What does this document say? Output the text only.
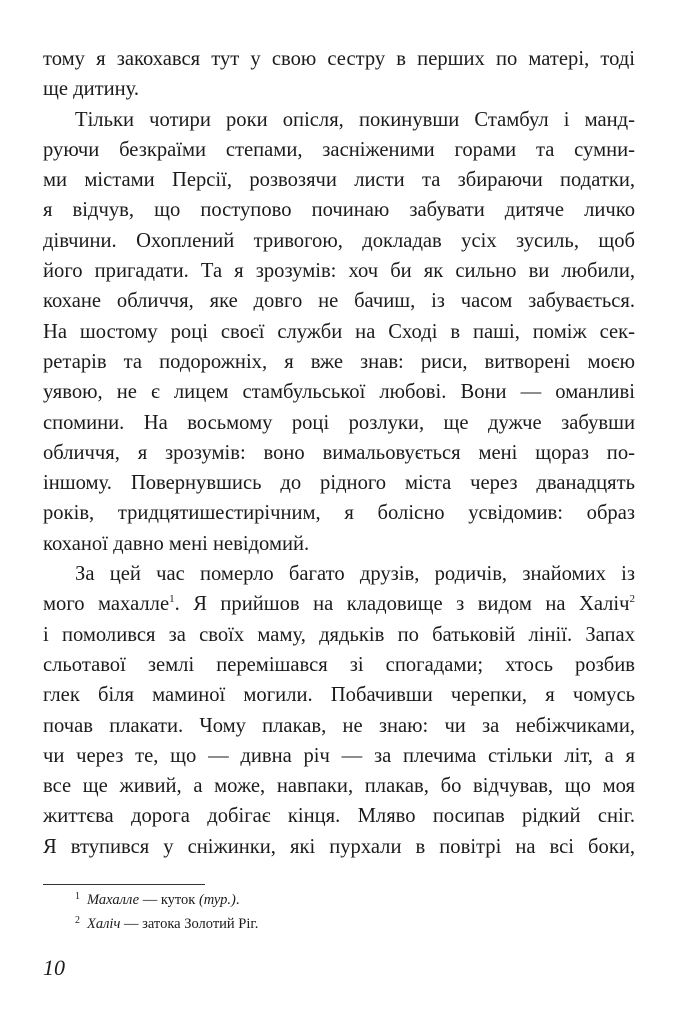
тому я закохався тут у свою сестру в перших по матері, тоді
ще дитину.

Тільки чотири роки опісля, покинувши Стамбул і манд-
руючи безкраїми степами, засніженими горами та сумни-
ми містами Персії, розвозячи листи та збираючи податки,
я відчув, що поступово починаю забувати дитяче личко
дівчини. Охоплений тривогою, докладав усіх зусиль, щоб
його пригадати. Та я зрозумів: хоч би як сильно ви любили,
кохане обличчя, яке довго не бачиш, із часом забувається.
На шостому році своєї служби на Сході в паші, поміж сек-
ретарів та подорожніх, я вже знав: риси, витворені моєю
уявою, не є лицем стамбульської любові. Вони — оманливі
спомини. На восьмому році розлуки, ще дужче забувши
обличчя, я зрозумів: воно вимальовується мені щораз по-
іншому. Повернувшись до рідного міста через дванадцять
років, тридцятишестирічним, я болісно усвідомив: образ
коханої давно мені невідомий.

За цей час померло багато друзів, родичів, знайомих із
мого махалле$^1$. Я прийшов на кладовище з видом на Халіч$^2$
і помолився за своїх маму, дядьків по батьковій лінії. Запах
сльотавої землі перемішався зі спогадами; хтось розбив
глек біля маминої могили. Побачивши черепки, я чомусь
почав плакати. Чому плакав, не знаю: чи за небіжчиками,
чи через те, що — дивна річ — за плечима стільки літ, а я
все ще живий, а може, навпаки, плакав, бо відчував, що моя
життєва дорога добігає кінця. Мляво посипав рідкий сніг.
Я втупився у сніжинки, які пурхали в повітрі на всі боки,

1 Махалле — куток (тур.).
2 Халіч — затока Золотий Ріг.
10
